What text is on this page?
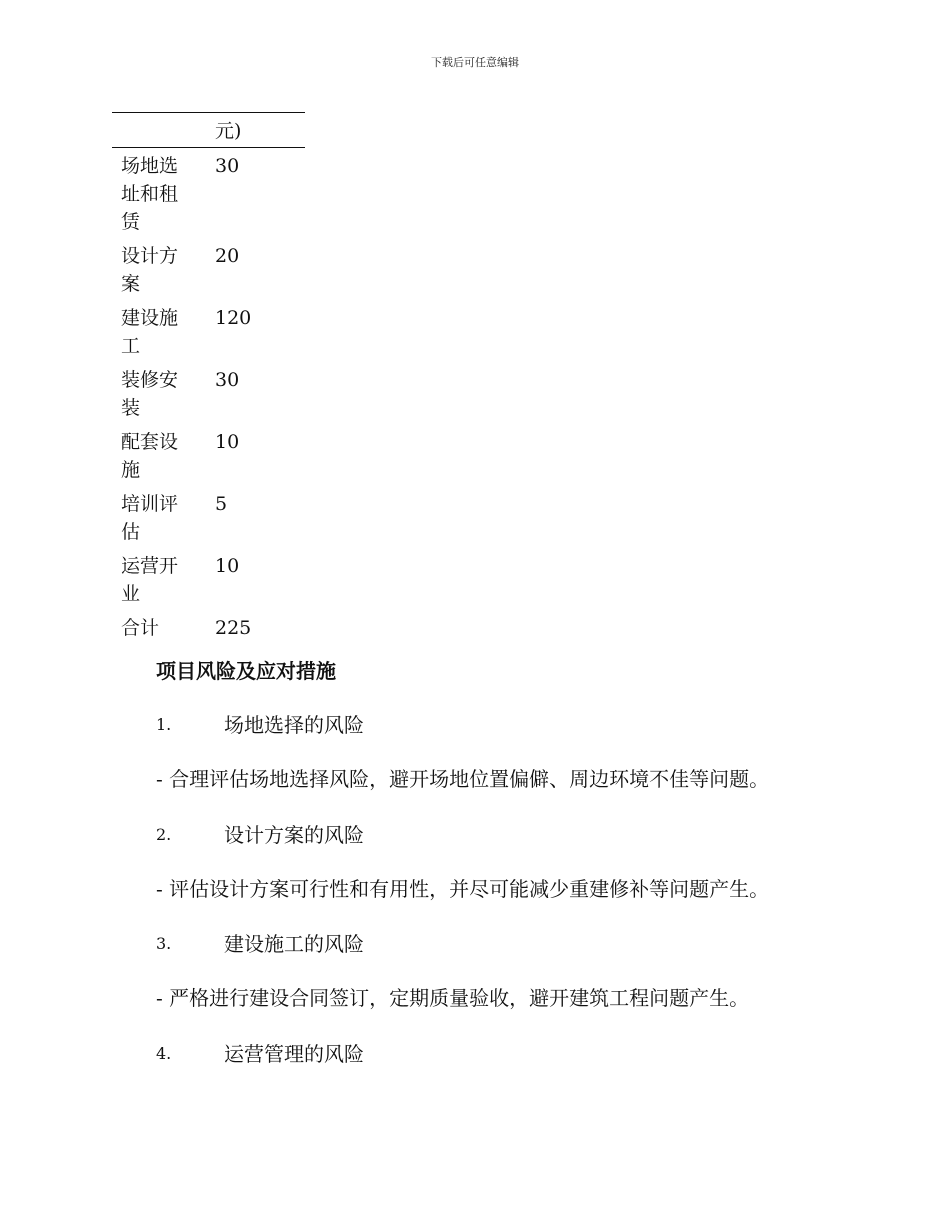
下载后可任意编辑
	元)
场地选址和租赁	30
设计方案	20
建设施工	120
装修安装	30
配套设施	10
培训评估	5
运营开业	10
合计	225
项目风险及应对措施
1.	场地选择的风险
- 合理评估场地选择风险，避开场地位置偏僻、周边环境不佳等问题。
2.	设计方案的风险
- 评估设计方案可行性和有用性，并尽可能减少重建修补等问题产生。
3.	建设施工的风险
- 严格进行建设合同签订，定期质量验收，避开建筑工程问题产生。
4.	运营管理的风险
